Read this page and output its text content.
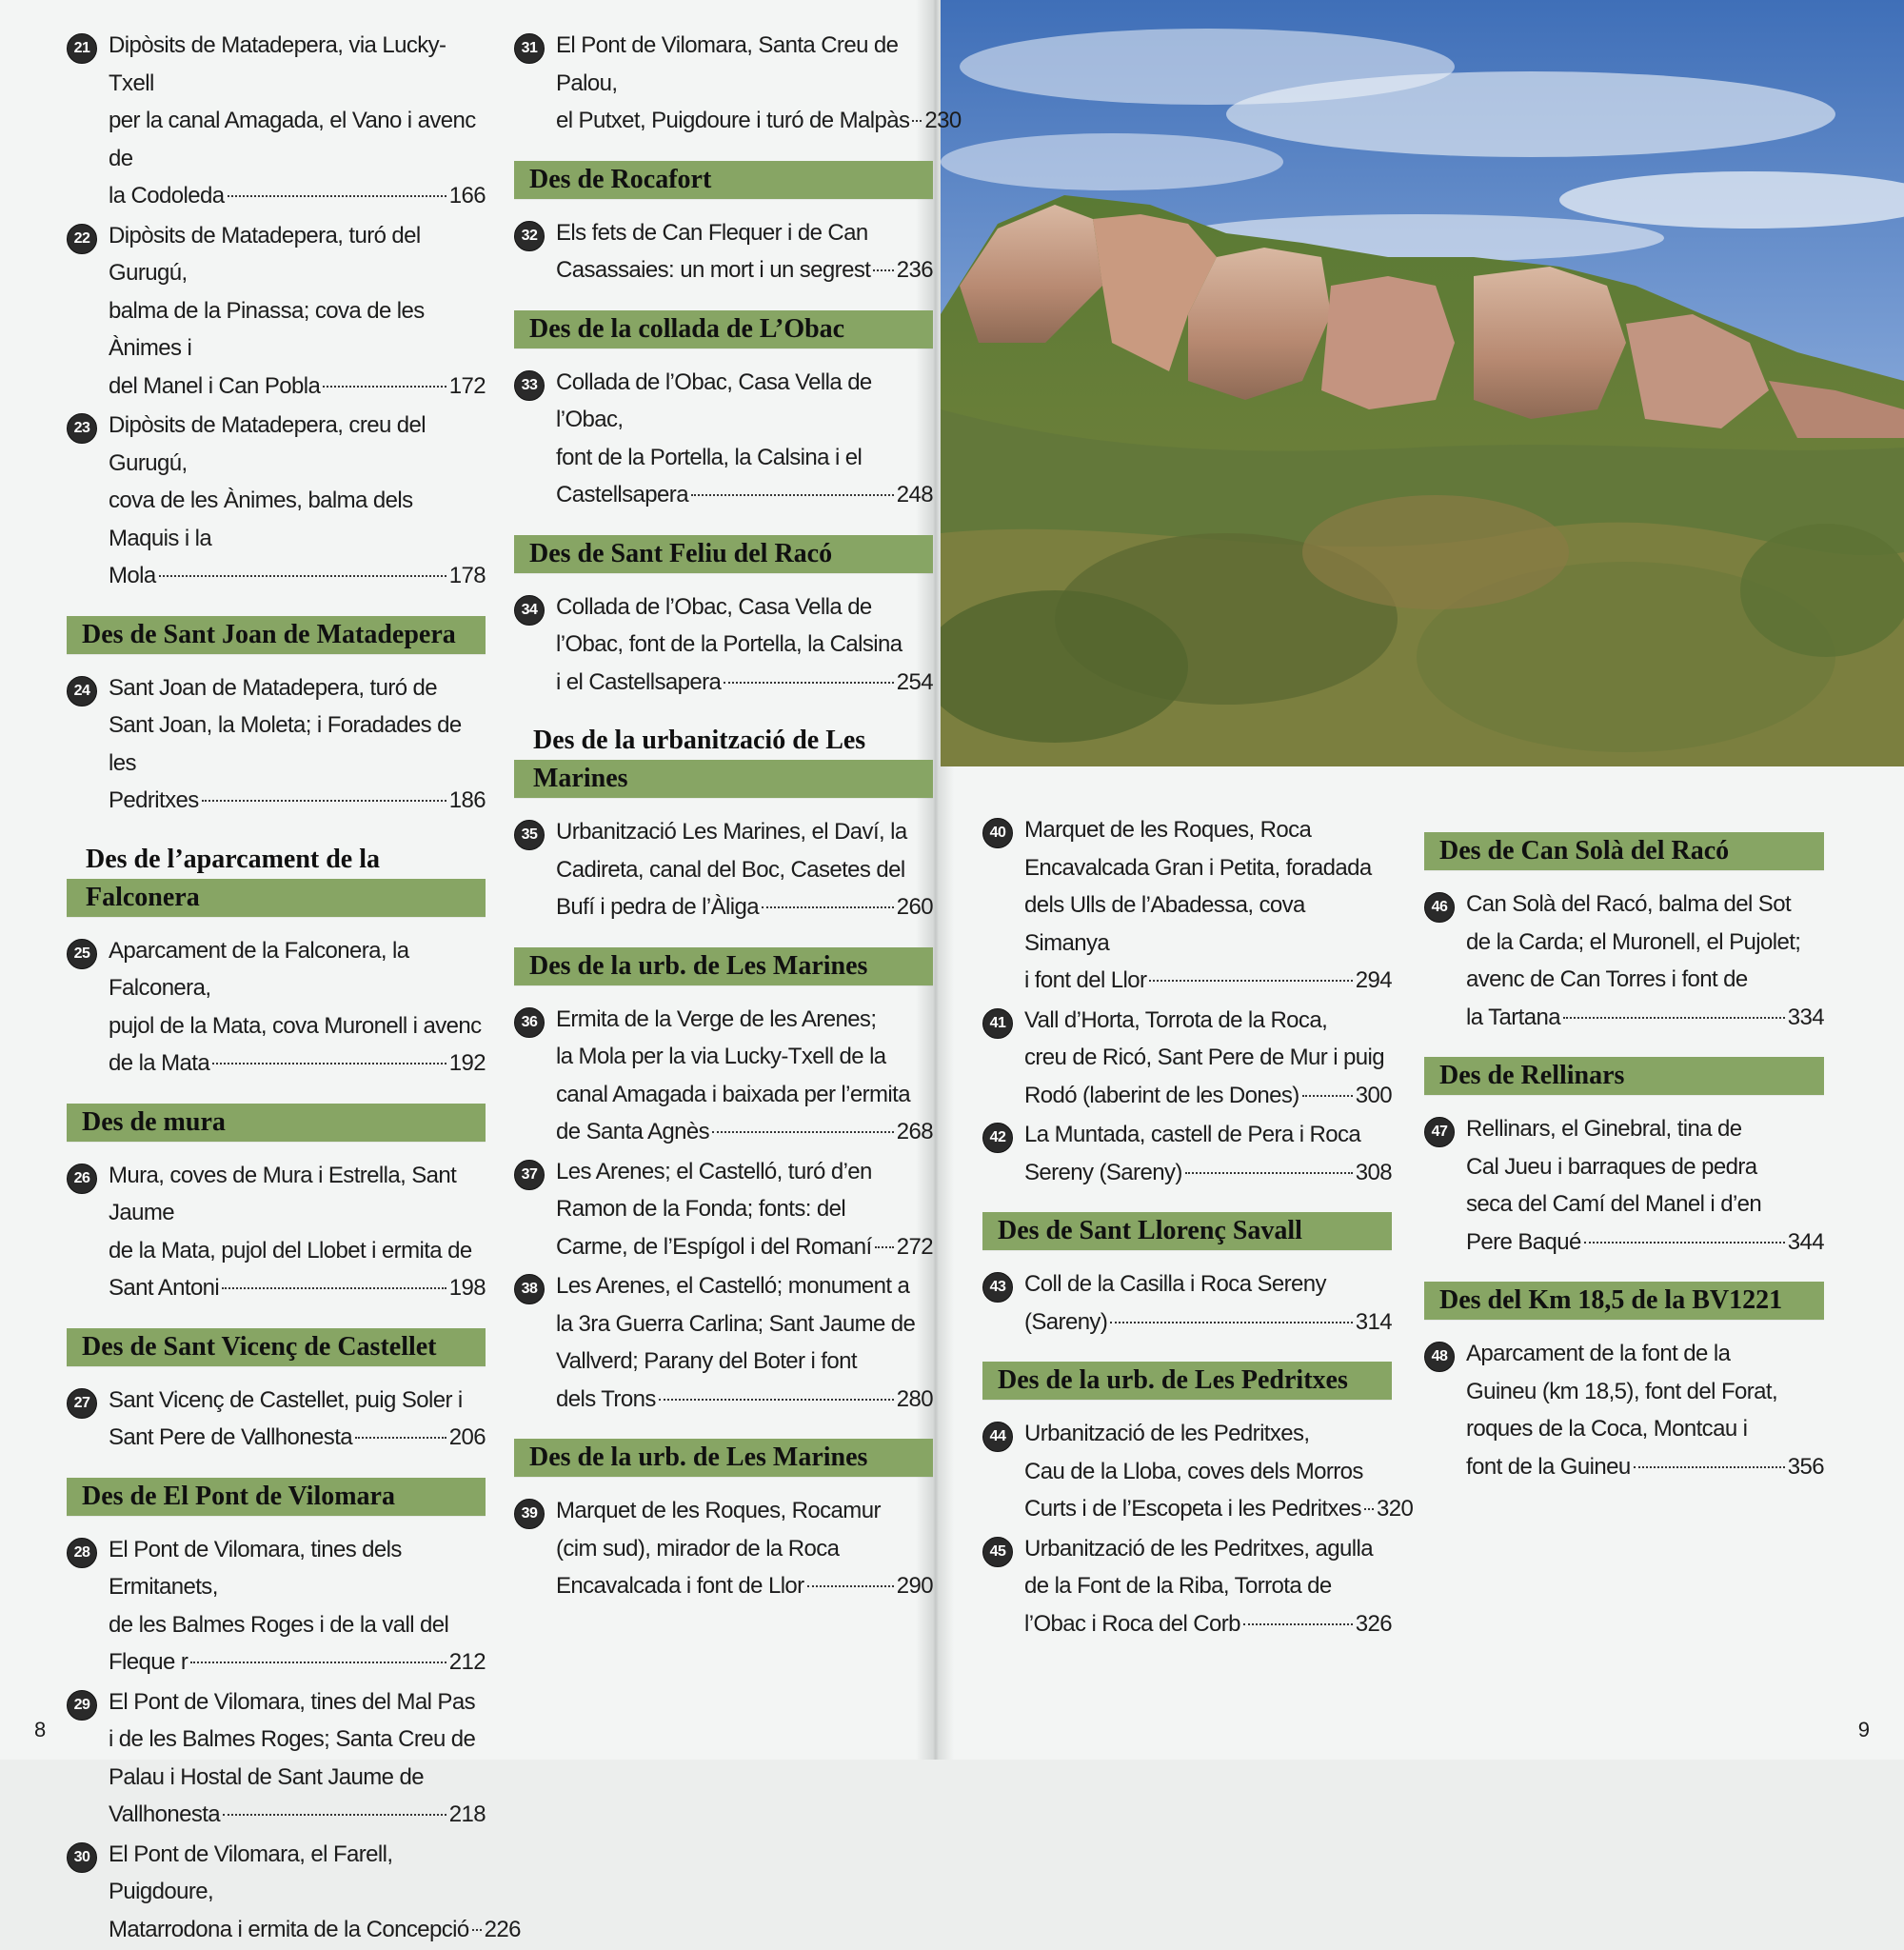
21 Dipòsits de Matadepera, via Lucky-Txell
per la canal Amagada, el Vano i avenc de
la Codoleda	166
22 Dipòsits de Matadepera, turó del Gurugú,
balma de la Pinassa; cova de les Ànimes i
del Manel i Can Pobla	172
23 Dipòsits de Matadepera, creu del Gurugú,
cova de les Ànimes, balma dels Maquis i la
Mola	178
Des de Sant Joan de Matadepera
24 Sant Joan de Matadepera, turó de
Sant Joan, la Moleta; i Foradades de les
Pedritxes	186
Des de l’aparcament de la
Falconera
25 Aparcament de la Falconera, la Falconera,
pujol de la Mata, cova Muronell i avenc
de la Mata	192
Des de mura
26 Mura, coves de Mura i Estrella, Sant Jaume
de la Mata, pujol del Llobet i ermita de
Sant Antoni	198
Des de Sant Vicenç de Castellet
27 Sant Vicenç de Castellet, puig Soler i
Sant Pere de Vallhonesta	206
Des de El Pont de Vilomara
28 El Pont de Vilomara, tines dels Ermitanets,
de les Balmes Roges i de la vall del
Fleque r	212
29 El Pont de Vilomara, tines del Mal Pas
i de les Balmes Roges; Santa Creu de
Palau i Hostal de Sant Jaume de
Vallhonesta	218
30 El Pont de Vilomara, el Farell, Puigdoure,
Matarrodona i ermita de la Concepció 226
31 El Pont de Vilomara, Santa Creu de Palou,
el Putxet, Puigdoure i turó de Malpàs 230
Des de Rocafort
32 Els fets de Can Flequer i de Can
Casassaies: un mort i un segrest 236
Des de la collada de L’Obac
33 Collada de l’Obac, Casa Vella de l’Obac,
font de la Portella, la Calsina i el
Castellsapera	248
Des de Sant Feliu del Racó
34 Collada de l’Obac, Casa Vella de
l’Obac, font de la Portella, la Calsina
i el Castellsapera	254
Des de la urbanització de Les
Marines
35 Urbanització Les Marines, el Daví, la
Cadireta, canal del Boc, Casetes del
Bufí i pedra de l’Àliga	260
Des de la urb. de Les Marines
36 Ermita de la Verge de les Arenes;
la Mola per la via Lucky-Txell de la
canal Amagada i baixada per l’ermita
de Santa Agnès	268
37 Les Arenes; el Castelló, turó d’en
Ramon de la Fonda; fonts: del
Carme, de l’Espígol i del Romaní 272
38 Les Arenes, el Castelló; monument a
la 3ra Guerra Carlina; Sant Jaume de
Vallverd; Parany del Boter i font
dels Trons	280
Des de la urb. de Les Marines
39 Marquet de les Roques, Rocamur
(cim sud), mirador de la Roca
Encavalcada i font de Llor	290
40 Marquet de les Roques, Roca
Encavalcada Gran i Petita, foradada
dels Ulls de l’Abadessa, cova Simanya
i font del Llor	294
41 Vall d’Horta, Torrota de la Roca,
creu de Ricó, Sant Pere de Mur i puig
Rodó (laberint de les Dones) 300
42 La Muntada, castell de Pera i Roca
Sereny (Sareny)	308
Des de Sant Llorenç Savall
43 Coll de la Casilla i Roca Sereny
(Sareny)	314
Des de la urb. de Les Pedritxes
44 Urbanització de les Pedritxes,
Cau de la Lloba, coves dels Morros
Curts i de l’Escopeta i les Pedritxes 320
45 Urbanització de les Pedritxes, agulla
de la Font de la Riba, Torrota de
l’Obac i Roca del Corb	326
Des de Can Solà del Racó
46 Can Solà del Racó, balma del Sot
de la Carda; el Muronell, el Pujolet;
avenc de Can Torres i font de
la Tartana	334
Des de Rellinars
47 Rellinars, el Ginebral, tina de
Cal Jueu i barraques de pedra
seca del Camí del Manel i d’en
Pere Baqué	344
Des del Km 18,5 de la BV1221
48 Aparcament de la font de la
Guineu (km 18,5), font del Forat,
roques de la Coca, Montcau i
font de la Guineu	356
8	9
